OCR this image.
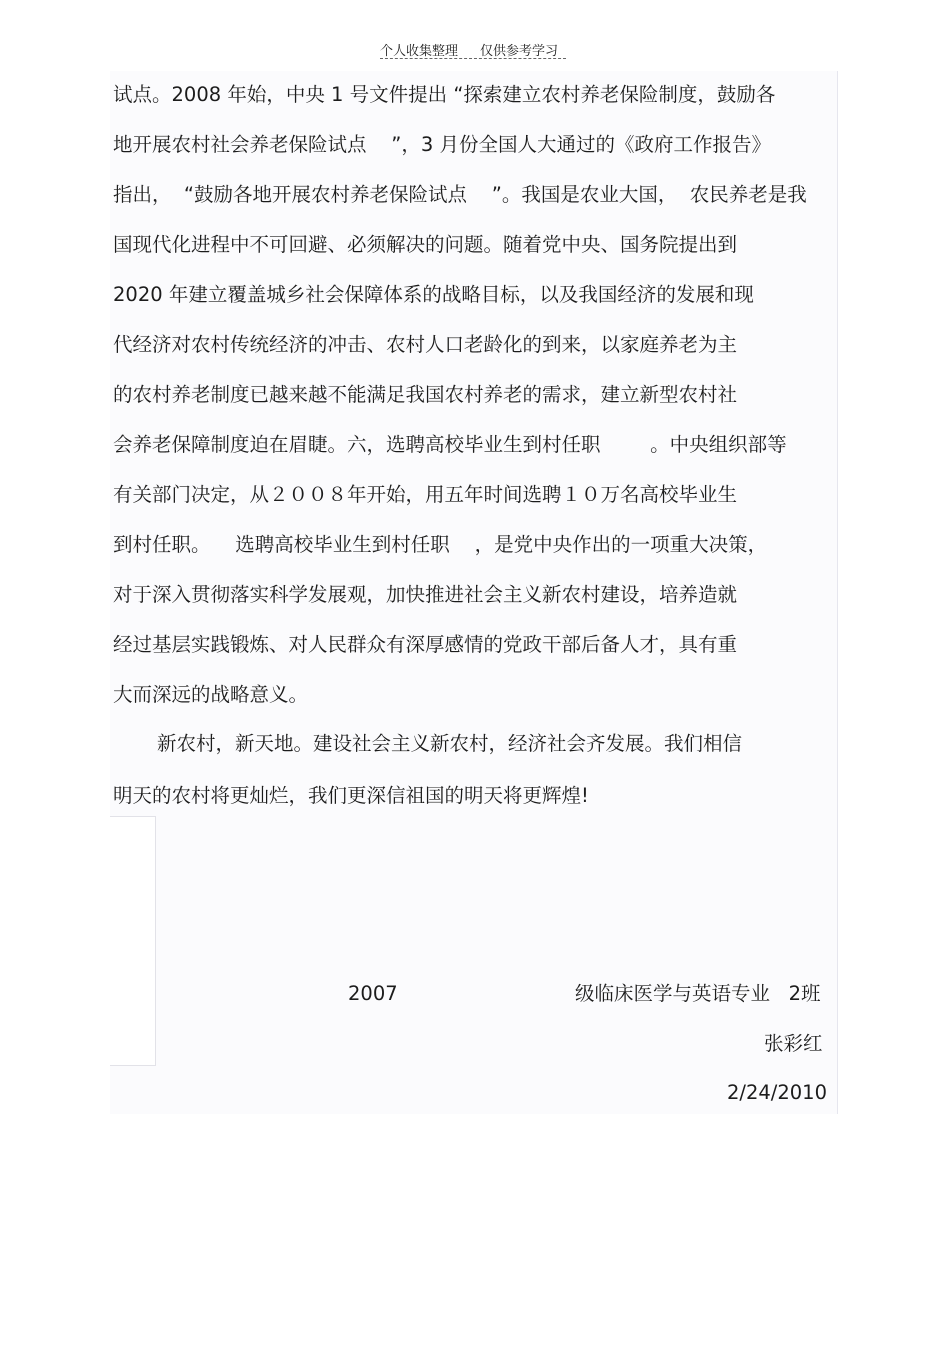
个人收集整理 仅供参考学习
试点。2008 年始，中央 1 号文件提出 “探索建立农村养老保险制度，鼓励各
地开展农村社会养老保险试点    ”，3 月份全国人大通过的《政府工作报告》
指出，  “鼓励各地开展农村养老保险试点    ”。我国是农业大国，  农民养老是我
国现代化进程中不可回避、必须解决的问题。随着党中央、国务院提出到
2020 年建立覆盖城乡社会保障体系的战略目标，以及我国经济的发展和现
代经济对农村传统经济的冲击、农村人口老龄化的到来，以家庭养老为主
的农村养老制度已越来越不能满足我国农村养老的需求，建立新型农村社
会养老保障制度迫在眉睫。六，选聘高校毕业生到村任职        。中央组织部等
有关部门决定，从２００８年开始，用五年时间选聘１０万名高校毕业生
到村任职。    选聘高校毕业生到村任职    ，是党中央作出的一项重大决策，
对于深入贯彻落实科学发展观，加快推进社会主义新农村建设，培养造就
经过基层实践锻炼、对人民群众有深厚感情的党政干部后备人才，具有重
大而深远的战略意义。
新农村，新天地。建设社会主义新农村，经济社会齐发展。我们相信
明天的农村将更灿烂，我们更深信祖国的明天将更辉煌!
2007	级临床医学与英语专业   2班
张彩红
2/24/2010
